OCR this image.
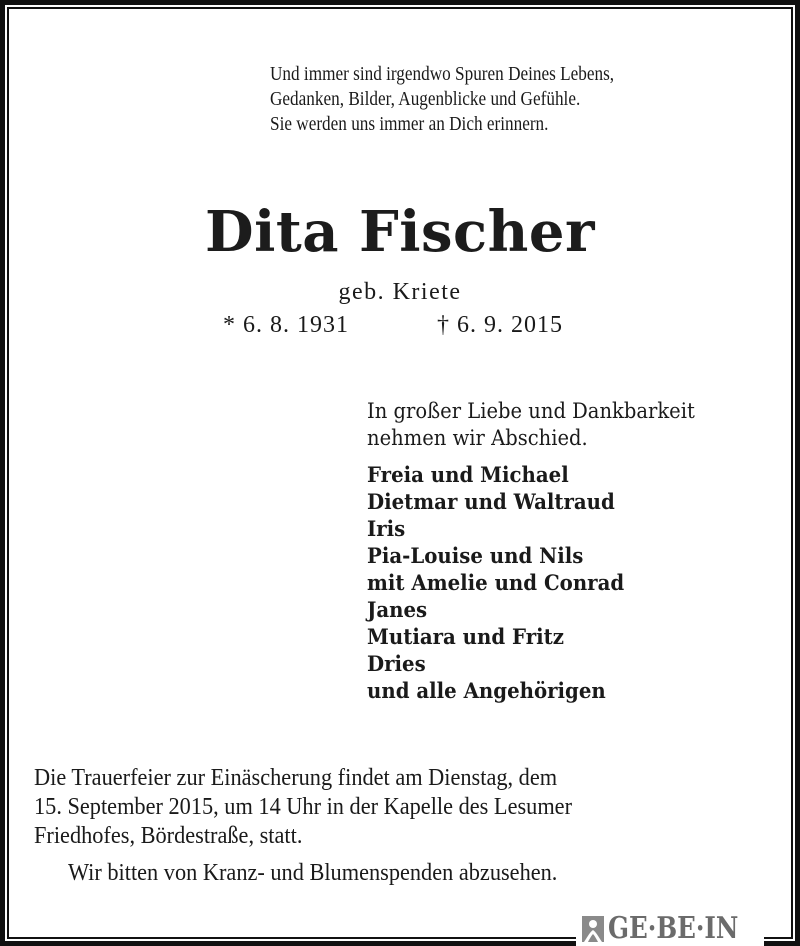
Und immer sind irgendwo Spuren Deines Lebens,
Gedanken, Bilder, Augenblicke und Gefühle.
Sie werden uns immer an Dich erinnern.
Dita Fischer
geb. Kriete
* 6. 8. 1931	† 6. 9. 2015
In großer Liebe und Dankbarkeit
nehmen wir Abschied.
Freia und Michael
Dietmar und Waltraud
Iris
Pia-Louise und Nils
mit Amelie und Conrad
Janes
Mutiara und Fritz
Dries
und alle Angehörigen
Die Trauerfeier zur Einäscherung findet am Dienstag, dem
15. September 2015, um 14 Uhr in der Kapelle des Lesumer
Friedhofes, Bördestraße, statt.
Wir bitten von Kranz- und Blumenspenden abzusehen.
GE·BE·IN
